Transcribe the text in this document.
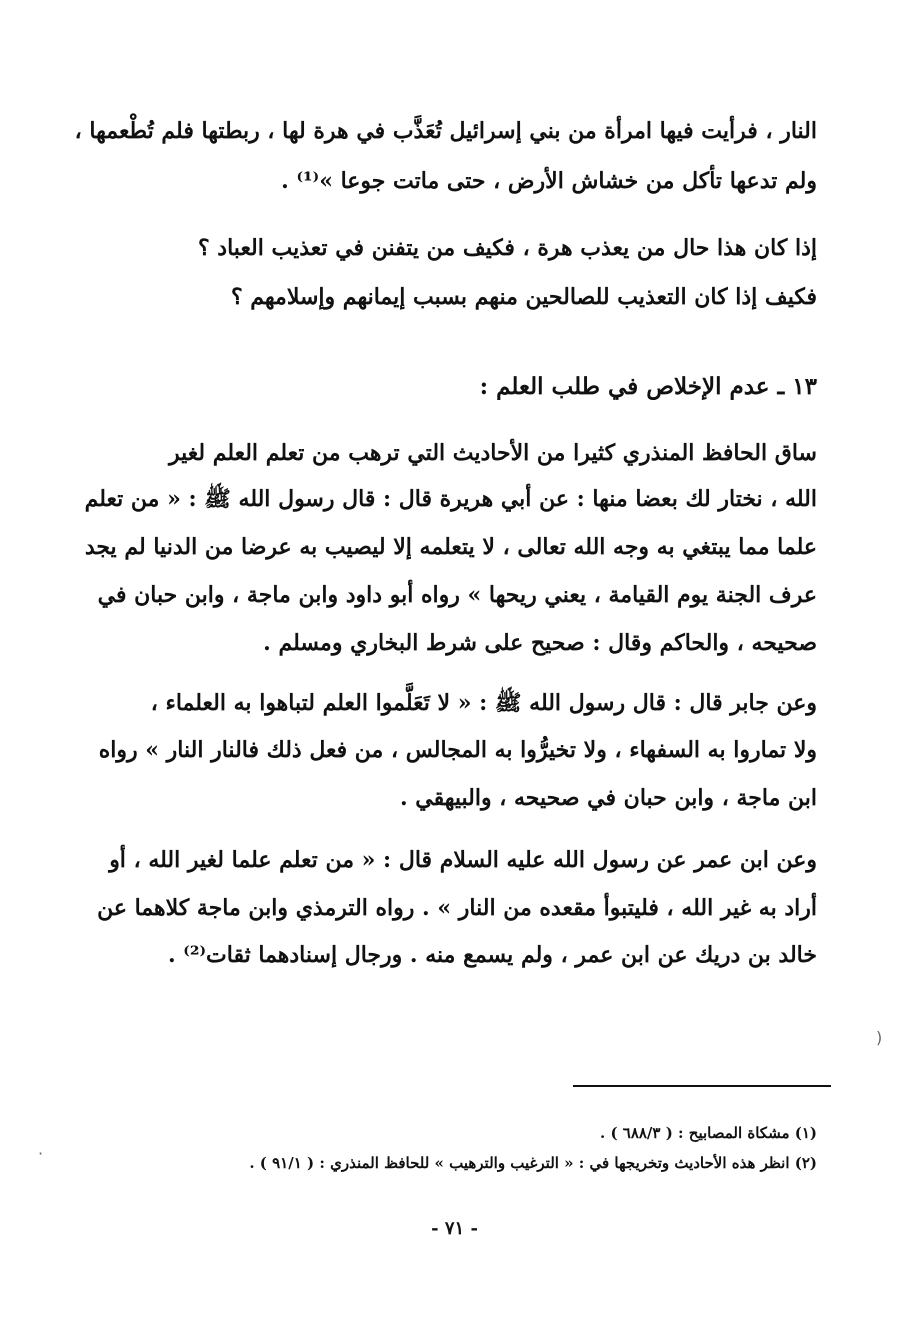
النار ، فرأيت فيها امرأة من بني إسرائيل تُعَذَّب في هرة لها ، ربطتها فلم تُطْعمها ،
ولم تدعها تأكل من خشاش الأرض ، حتى ماتت جوعا »⁽¹⁾ .
إذا كان هذا حال من يعذب هرة ، فكيف من يتفنن في تعذيب العباد ؟
فكيف إذا كان التعذيب للصالحين منهم بسبب إيمانهم وإسلامهم ؟
١٣ ـ عدم الإخلاص في طلب العلم :
ساق الحافظ المنذري كثيرا من الأحاديث التي ترهب من تعلم العلم لغير
الله ، نختار لك بعضا منها : عن أبي هريرة قال : قال رسول الله ﷺ : « من تعلم
علما مما يبتغي به وجه الله تعالى ، لا يتعلمه إلا ليصيب به عرضا من الدنيا لم يجد
عرف الجنة يوم القيامة ، يعني ريحها » رواه أبو داود وابن ماجة ، وابن حبان في
صحيحه ، والحاكم وقال : صحيح على شرط البخاري ومسلم .
وعن جابر قال : قال رسول الله ﷺ : « لا تَعَلَّموا العلم لتباهوا به العلماء ،
ولا تماروا به السفهاء ، ولا تخيرُّوا به المجالس ، من فعل ذلك فالنار النار » رواه
ابن ماجة ، وابن حبان في صحيحه ، والبيهقي .
وعن ابن عمر عن رسول الله عليه السلام قال : « من تعلم علما لغير الله ، أو
أراد به غير الله ، فليتبوأ مقعده من النار » . رواه الترمذي وابن ماجة كلاهما عن
خالد بن دريك عن ابن عمر ، ولم يسمع منه . ورجال إسنادهما ثقات⁽²⁾ .
(١) مشكاة المصابيح : ( ٦٨٨/٣ ) .
(٢) انظر هذه الأحاديث وتخريجها في : « الترغيب والترهيب » للحافظ المنذري : ( ٩١/١ ) .
- ٧١ -
)
·
